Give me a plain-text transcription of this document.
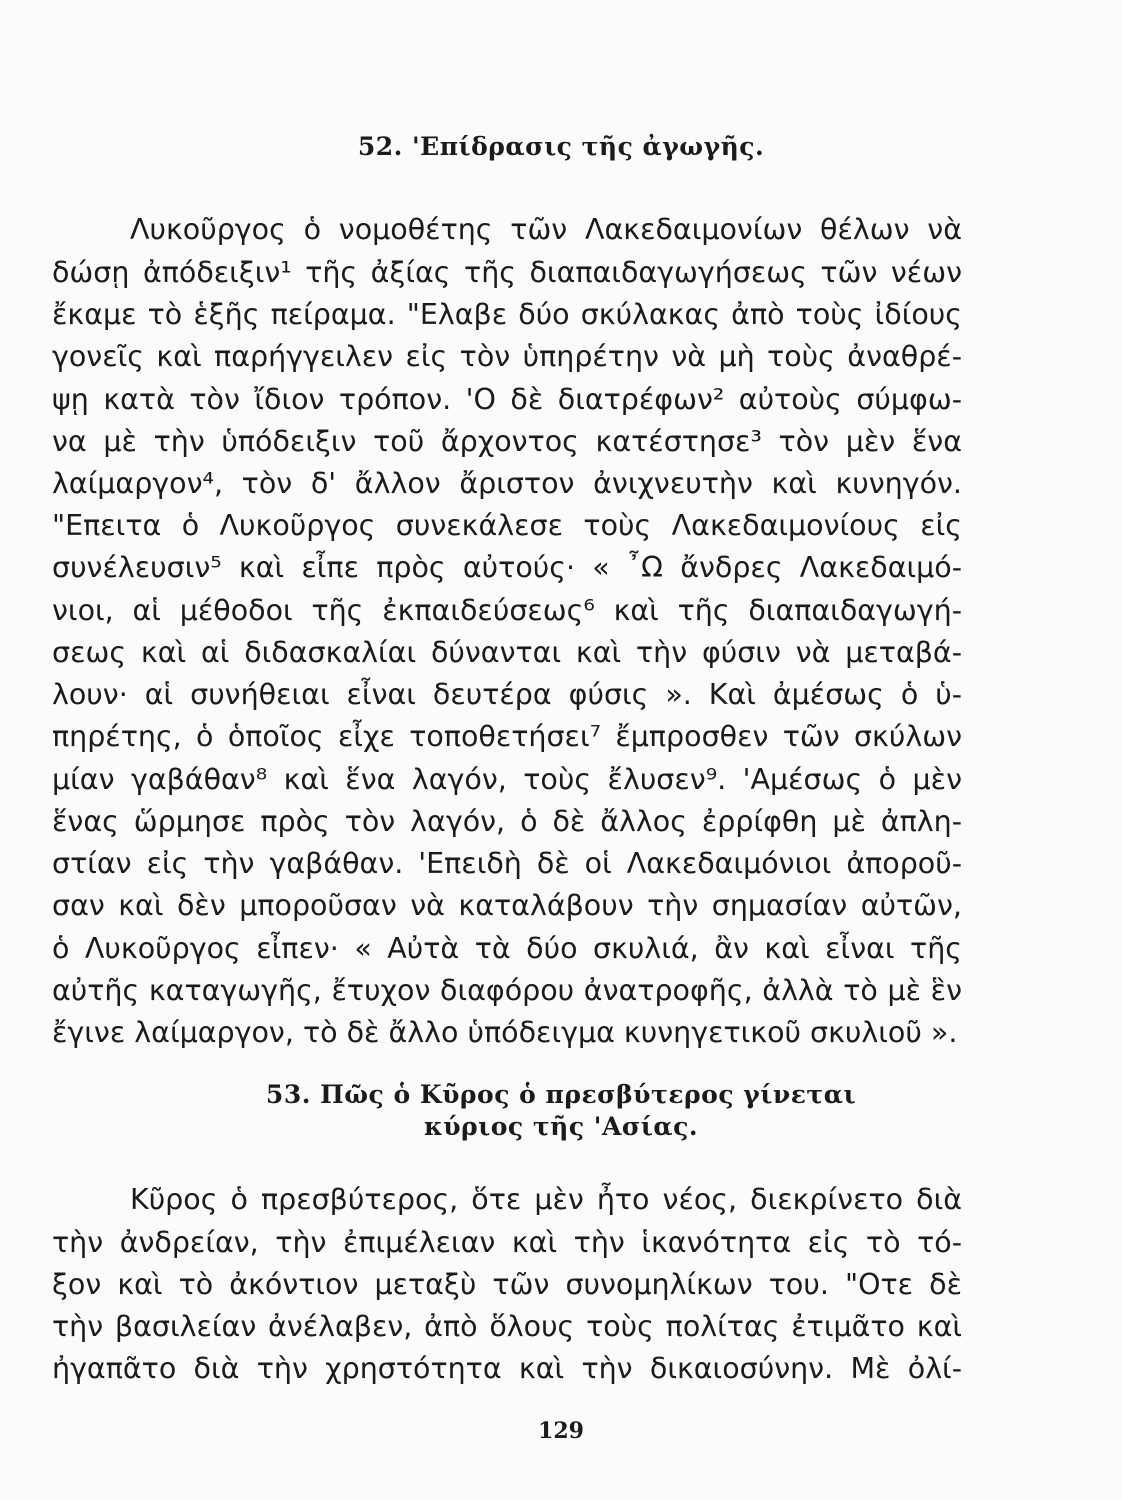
52. 'Επίδρασις τῆς ἀγωγῆς.
Λυκοῦργος ὁ νομοθέτης τῶν Λακεδαιμονίων θέλων νὰ
δώσῃ ἀπόδειξιν¹ τῆς ἀξίας τῆς διαπαιδαγωγήσεως τῶν νέων
ἔκαμε τὸ ἑξῆς πείραμα. "Ελαβε δύο σκύλακας ἀπὸ τοὺς ἰδίους
γονεῖς καὶ παρήγγειλεν εἰς τὸν ὑπηρέτην νὰ μὴ τοὺς ἀναθρέ-
ψῃ κατὰ τὸν ἴδιον τρόπον. 'Ο δὲ διατρέφων² αὐτοὺς σύμφω-
να μὲ τὴν ὑπόδειξιν τοῦ ἄρχοντος κατέστησε³ τὸν μὲν ἕνα
λαίμαργον⁴, τὸν δ' ἄλλον ἄριστον ἀνιχνευτὴν καὶ κυνηγόν.
"Επειτα ὁ Λυκοῦργος συνεκάλεσε τοὺς Λακεδαιμονίους εἰς
συνέλευσιν⁵ καὶ εἶπε πρὸς αὐτούς· « ῏Ω ἄνδρες Λακεδαιμό-
νιοι, αἱ μέθοδοι τῆς ἐκπαιδεύσεως⁶ καὶ τῆς διαπαιδαγωγή-
σεως καὶ αἱ διδασκαλίαι δύνανται καὶ τὴν φύσιν νὰ μεταβά-
λουν· αἱ συνήθειαι εἶναι δευτέρα φύσις ». Καὶ ἀμέσως ὁ ὑ-
πηρέτης, ὁ ὁποῖος εἶχε τοποθετήσει⁷ ἔμπροσθεν τῶν σκύλων
μίαν γαβάθαν⁸ καὶ ἕνα λαγόν, τοὺς ἔλυσεν⁹. 'Αμέσως ὁ μὲν
ἕνας ὥρμησε πρὸς τὸν λαγόν, ὁ δὲ ἄλλος ἐρρίφθη μὲ ἀπλη-
στίαν εἰς τὴν γαβάθαν. 'Επειδὴ δὲ οἱ Λακεδαιμόνιοι ἀποροῦ-
σαν καὶ δὲν μποροῦσαν νὰ καταλάβουν τὴν σημασίαν αὐτῶν,
ὁ Λυκοῦργος εἶπεν· « Αὐτὰ τὰ δύο σκυλιά, ἂν καὶ εἶναι τῆς
αὐτῆς καταγωγῆς, ἔτυχον διαφόρου ἀνατροφῆς, ἀλλὰ τὸ μὲ ἓν
ἔγινε λαίμαργον, τὸ δὲ ἄλλο ὑπόδειγμα κυνηγετικοῦ σκυλιοῦ ».
53. Πῶς ὁ Κῦρος ὁ πρεσβύτερος γίνεται
κύριος τῆς 'Ασίας.
Κῦρος ὁ πρεσβύτερος, ὅτε μὲν ἦτο νέος, διεκρίνετο διὰ
τὴν ἀνδρείαν, τὴν ἐπιμέλειαν καὶ τὴν ἱκανότητα εἰς τὸ τό-
ξον καὶ τὸ ἀκόντιον μεταξὺ τῶν συνομηλίκων του. "Οτε δὲ
τὴν βασιλείαν ἀνέλαβεν, ἀπὸ ὅλους τοὺς πολίτας ἐτιμᾶτο καὶ
ἠγαπᾶτο διὰ τὴν χρηστότητα καὶ τὴν δικαιοσύνην. Μὲ ὀλί-
129
